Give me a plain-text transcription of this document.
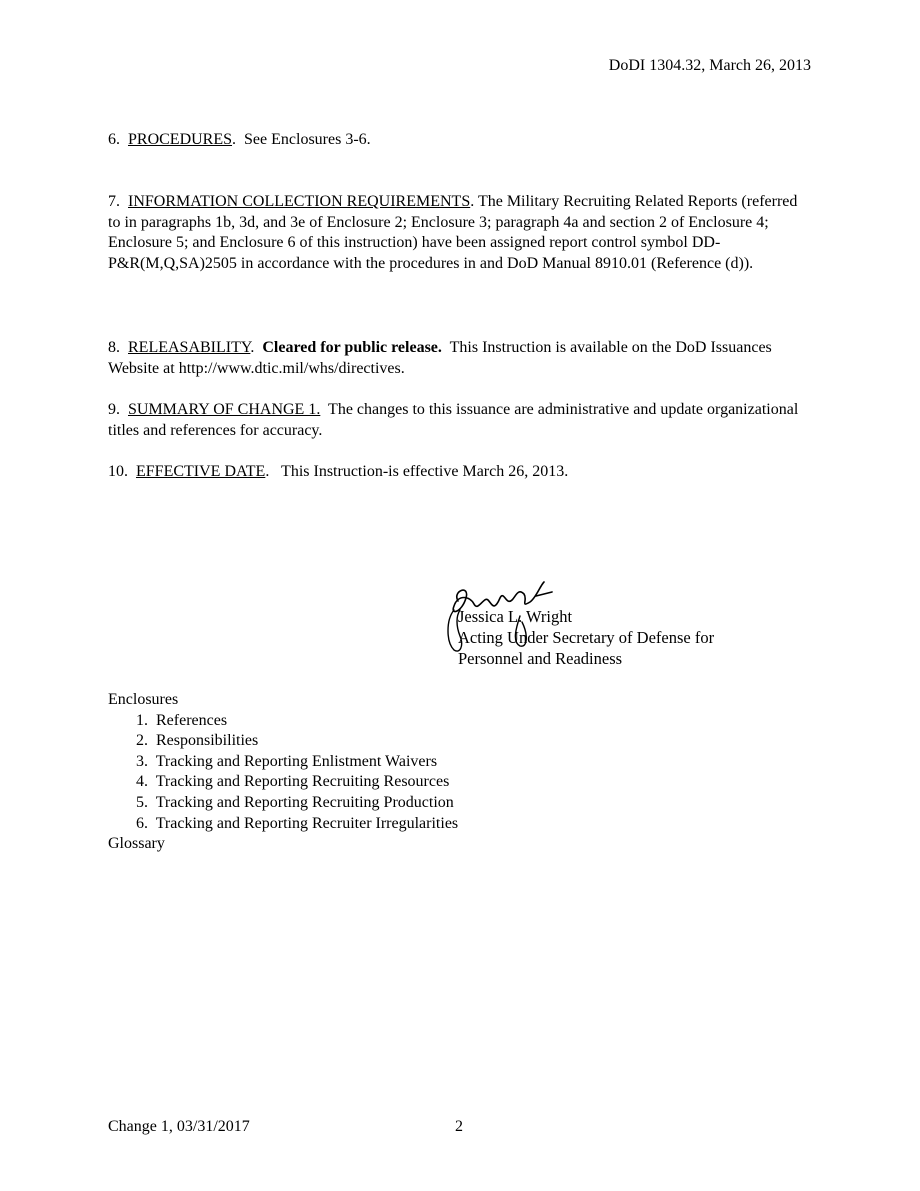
DoDI 1304.32, March 26, 2013
6. PROCEDURES.  See Enclosures 3-6.
7. INFORMATION COLLECTION REQUIREMENTS. The Military Recruiting Related Reports (referred to in paragraphs 1b, 3d, and 3e of Enclosure 2; Enclosure 3; paragraph 4a and section 2 of Enclosure 4; Enclosure 5; and Enclosure 6 of this instruction) have been assigned report control symbol DD-P&R(M,Q,SA)2505 in accordance with the procedures in and DoD Manual 8910.01 (Reference (d)).
8. RELEASABILITY.  Cleared for public release. This Instruction is available on the DoD Issuances Website at http://www.dtic.mil/whs/directives.
9. SUMMARY OF CHANGE 1. The changes to this issuance are administrative and update organizational titles and references for accuracy.
10. EFFECTIVE DATE.   This Instruction-is effective March 26, 2013.
Jessica L. Wright
Acting Under Secretary of Defense for
Personnel and Readiness
Enclosures
1. References
2. Responsibilities
3. Tracking and Reporting Enlistment Waivers
4. Tracking and Reporting Recruiting Resources
5. Tracking and Reporting Recruiting Production
6. Tracking and Reporting Recruiter Irregularities
Glossary
Change 1, 03/31/2017	2
